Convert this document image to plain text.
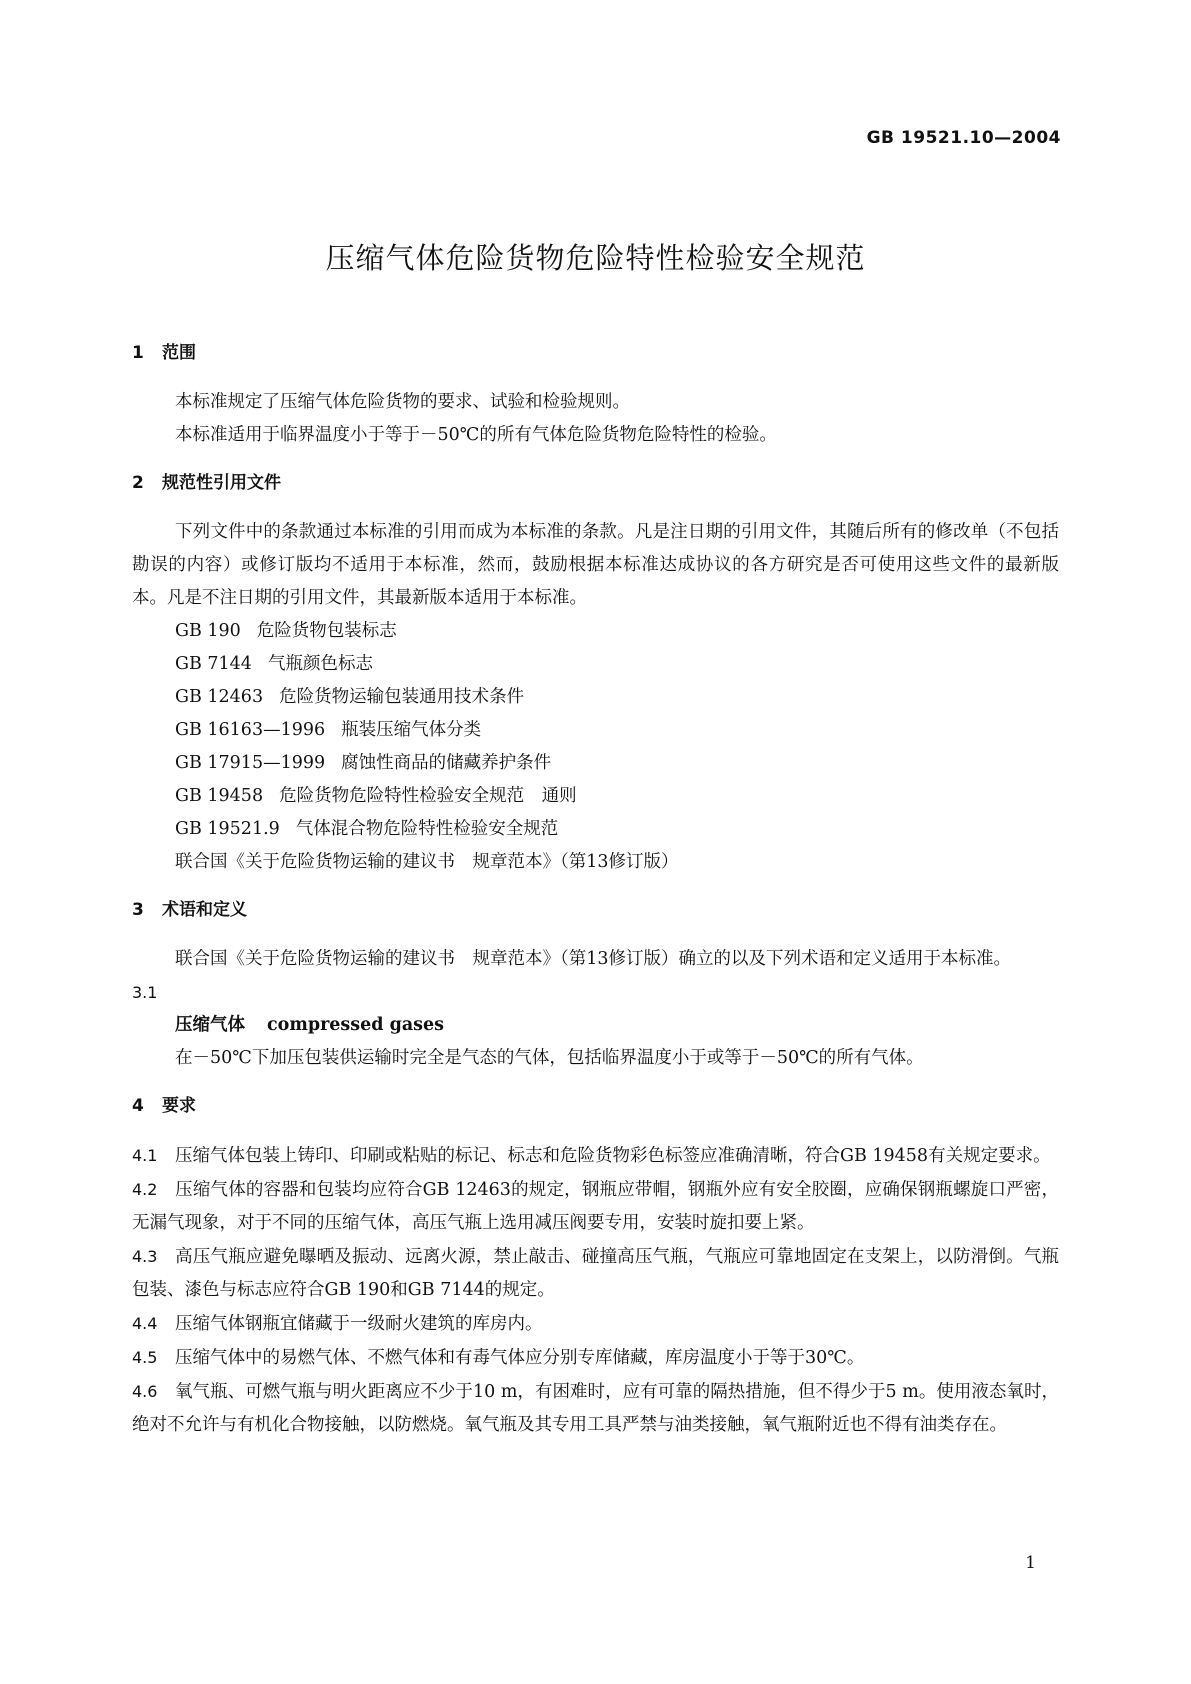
GB 19521.10—2004
压缩气体危险货物危险特性检验安全规范
1 范围

本标准规定了压缩气体危险货物的要求、试验和检验规则。

本标准适用于临界温度小于等于－50℃的所有气体危险货物危险特性的检验。

2 规范性引用文件

下列文件中的条款通过本标准的引用而成为本标准的条款。凡是注日期的引用文件，其随后所有的修改单（不包括勘误的内容）或修订版均不适用于本标准，然而，鼓励根据本标准达成协议的各方研究是否可使用这些文件的最新版本。凡是不注日期的引用文件，其最新版本适用于本标准。

GB 190 危险货物包装标志
GB 7144 气瓶颜色标志
GB 12463 危险货物运输包装通用技术条件
GB 16163—1996 瓶装压缩气体分类
GB 17915—1999 腐蚀性商品的储藏养护条件
GB 19458 危险货物危险特性检验安全规范　通则
GB 19521.9 气体混合物危险特性检验安全规范
联合国《关于危险货物运输的建议书　规章范本》（第13修订版）
3 术语和定义

联合国《关于危险货物运输的建议书　规章范本》（第13修订版）确立的以及下列术语和定义适用于本标准。

3.1
压缩气体 compressed gases

在－50℃下加压包装供运输时完全是气态的气体，包括临界温度小于或等于－50℃的所有气体。

4 要求

4.1 压缩气体包装上铸印、印刷或粘贴的标记、标志和危险货物彩色标签应准确清晰，符合GB 19458有关规定要求。

4.2 压缩气体的容器和包装均应符合GB 12463的规定，钢瓶应带帽，钢瓶外应有安全胶圈，应确保钢瓶螺旋口严密，无漏气现象，对于不同的压缩气体，高压气瓶上选用减压阀要专用，安装时旋扣要上紧。

4.3 高压气瓶应避免曝晒及振动、远离火源，禁止敲击、碰撞高压气瓶，气瓶应可靠地固定在支架上，以防滑倒。气瓶包装、漆色与标志应符合GB 190和GB 7144的规定。

4.4 压缩气体钢瓶宜储藏于一级耐火建筑的库房内。

4.5 压缩气体中的易燃气体、不燃气体和有毒气体应分别专库储藏，库房温度小于等于30℃。

4.6 氧气瓶、可燃气瓶与明火距离应不少于10 m，有困难时，应有可靠的隔热措施，但不得少于5 m。使用液态氧时，绝对不允许与有机化合物接触，以防燃烧。氧气瓶及其专用工具严禁与油类接触，氧气瓶附近也不得有油类存在。

1
